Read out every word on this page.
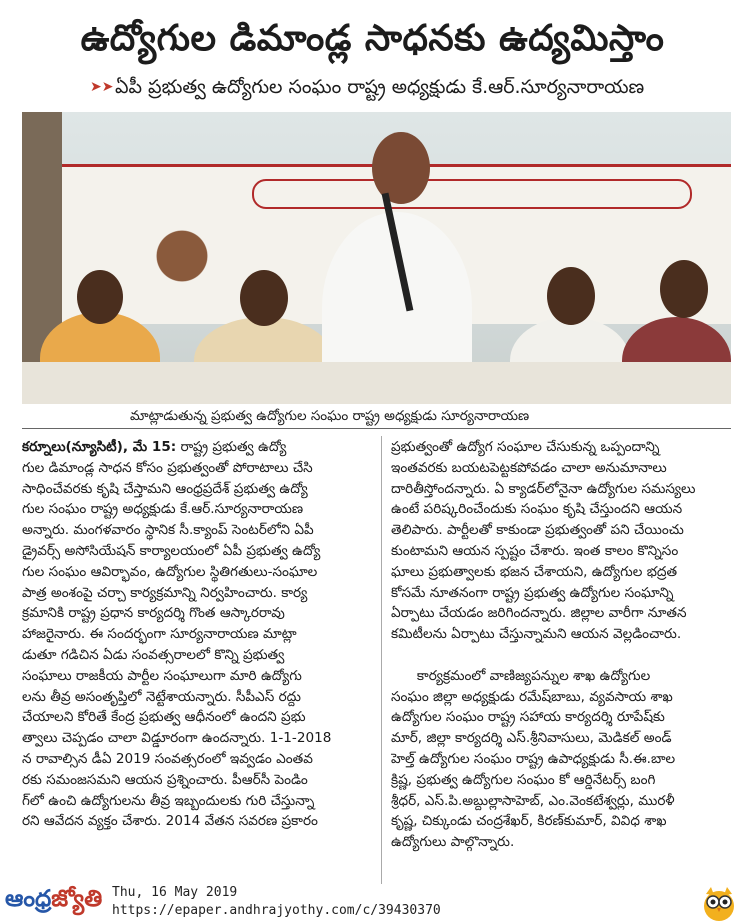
ఉద్యోగుల డిమాండ్ల సాధనకు ఉద్యమిస్తాం
➤➤ ఏపీ ప్రభుత్వ ఉద్యోగుల సంఘం రాష్ట్ర అధ్యక్షుడు కే.ఆర్.సూర్యనారాయణ
మాట్లాడుతున్న ప్రభుత్వ ఉద్యోగుల సంఘం రాష్ట్ర అధ్యక్షుడు సూర్యనారాయణ

కర్నూలు(న్యూసిటీ), మే 15: రాష్ట్ర ప్రభుత్వ ఉద్యో

గుల డిమాండ్ల సాధన కోసం ప్రభుత్వంతో పోరాటాలు చేసి

సాధించేవరకు కృషి చేస్తామని ఆంధ్రప్రదేశ్ ప్రభుత్వ ఉద్యో

గుల సంఘం రాష్ట్ర అధ్యక్షుడు కే.ఆర్.సూర్యనారాయణ

అన్నారు. మంగళవారం స్థానిక సీ.క్యాంప్ సెంటర్‌లోని ఏపీ

డ్రైవర్స్ అసోసియేషన్ కార్యాలయంలో ఏపీ ప్రభుత్వ ఉద్యో

గుల సంఘం ఆవిర్భావం, ఉద్యోగుల స్థితిగతులు-సంఘాల

పాత్ర అంశంపై చర్చా కార్యక్రమాన్ని నిర్వహించారు. కార్య

క్రమానికి రాష్ట్ర ప్రధాన కార్యదర్శి గొంత ఆస్కారరావు

హాజరైనారు. ఈ సందర్భంగా సూర్యనారాయణ మాట్లా

డుతూ గడిచిన ఏడు సంవత్సరాలలో కొన్ని ప్రభుత్వ

సంఘాలు రాజకీయ పార్టీల సంఘాలుగా మారి ఉద్యోగు

లను తీవ్ర అసంతృప్తిలో నెట్టేశాయన్నారు. సీపీఎస్ రద్దు

చేయాలని కోరితే కేంద్ర ప్రభుత్వ ఆధీనంలో ఉందని ప్రభు

త్వాలు చెప్పడం చాలా విడ్డూరంగా ఉందన్నారు. 1-1-2018

న రావాల్సిన డీఏ 2019 సంవత్సరంలో ఇవ్వడం ఎంతవ

రకు సమంజసమని ఆయన ప్రశ్నించారు. పీఆర్‌సీ పెండిం

గ్‌లో ఉంచి ఉద్యోగులను తీవ్ర ఇబ్బందులకు గురి చేస్తున్నా

రని ఆవేదన వ్యక్తం చేశారు. 2014 వేతన సవరణ ప్రకారం

ప్రభుత్వంతో ఉద్యోగ సంఘాల చేసుకున్న ఒప్పందాన్ని

ఇంతవరకు బయటపెట్టకపోవడం చాలా అనుమానాలు

దారితీస్తోందన్నారు. ఏ క్యాడర్‌లోనైనా ఉద్యోగుల సమస్యలు

ఉంటే పరిష్కరించేందుకు సంఘం కృషి చేస్తుందని ఆయన

తెలిపారు. పార్టీలతో కాకుండా ప్రభుత్వంతో పని చేయించు

కుంటామని ఆయన స్పష్టం చేశారు. ఇంత కాలం కొన్నిసం

ఘాలు ప్రభుత్వాలకు భజన చేశాయని, ఉద్యోగుల భద్రత

కోసమే నూతనంగా రాష్ట్ర ప్రభుత్వ ఉద్యోగుల సంఘాన్ని

ఏర్పాటు చేయడం జరిగిందన్నారు. జిల్లాల వారీగా నూతన

కమిటీలను ఏర్పాటు చేస్తున్నామని ఆయన వెల్లడించారు.

కార్యక్రమంలో వాణిజ్యపన్నుల శాఖ ఉద్యోగుల

సంఘం జిల్లా అధ్యక్షుడు రమేష్‌బాబు, వ్యవసాయ శాఖ

ఉద్యోగుల సంఘం రాష్ట్ర సహాయ కార్యదర్శి రూపేష్‌కు

మార్, జిల్లా కార్యదర్శి ఎస్.శ్రీనివాసులు, మెడికల్ అండ్

హెల్త్ ఉద్యోగుల సంఘం రాష్ట్ర ఉపాధ్యక్షుడు సీ.ఈ.బాల

క్రిష్ణ, ప్రభుత్వ ఉద్యోగుల సంఘం కో ఆర్డినేటర్స్ బంగి

శ్రీధర్, ఎస్.పి.అబ్దుల్లాసాహెబ్, ఎం.వెంకటేశ్వర్లు, మురళీ

కృష్ణ, చిక్కుండు చంద్రశేఖర్, కిరణ్‌కుమార్, వివిధ శాఖ

ఉద్యోగులు పాల్గొన్నారు.

ఆంధ్రజ్యోతి Thu, 16 May 2019
https://epaper.andhrajyothy.com/c/39430370
